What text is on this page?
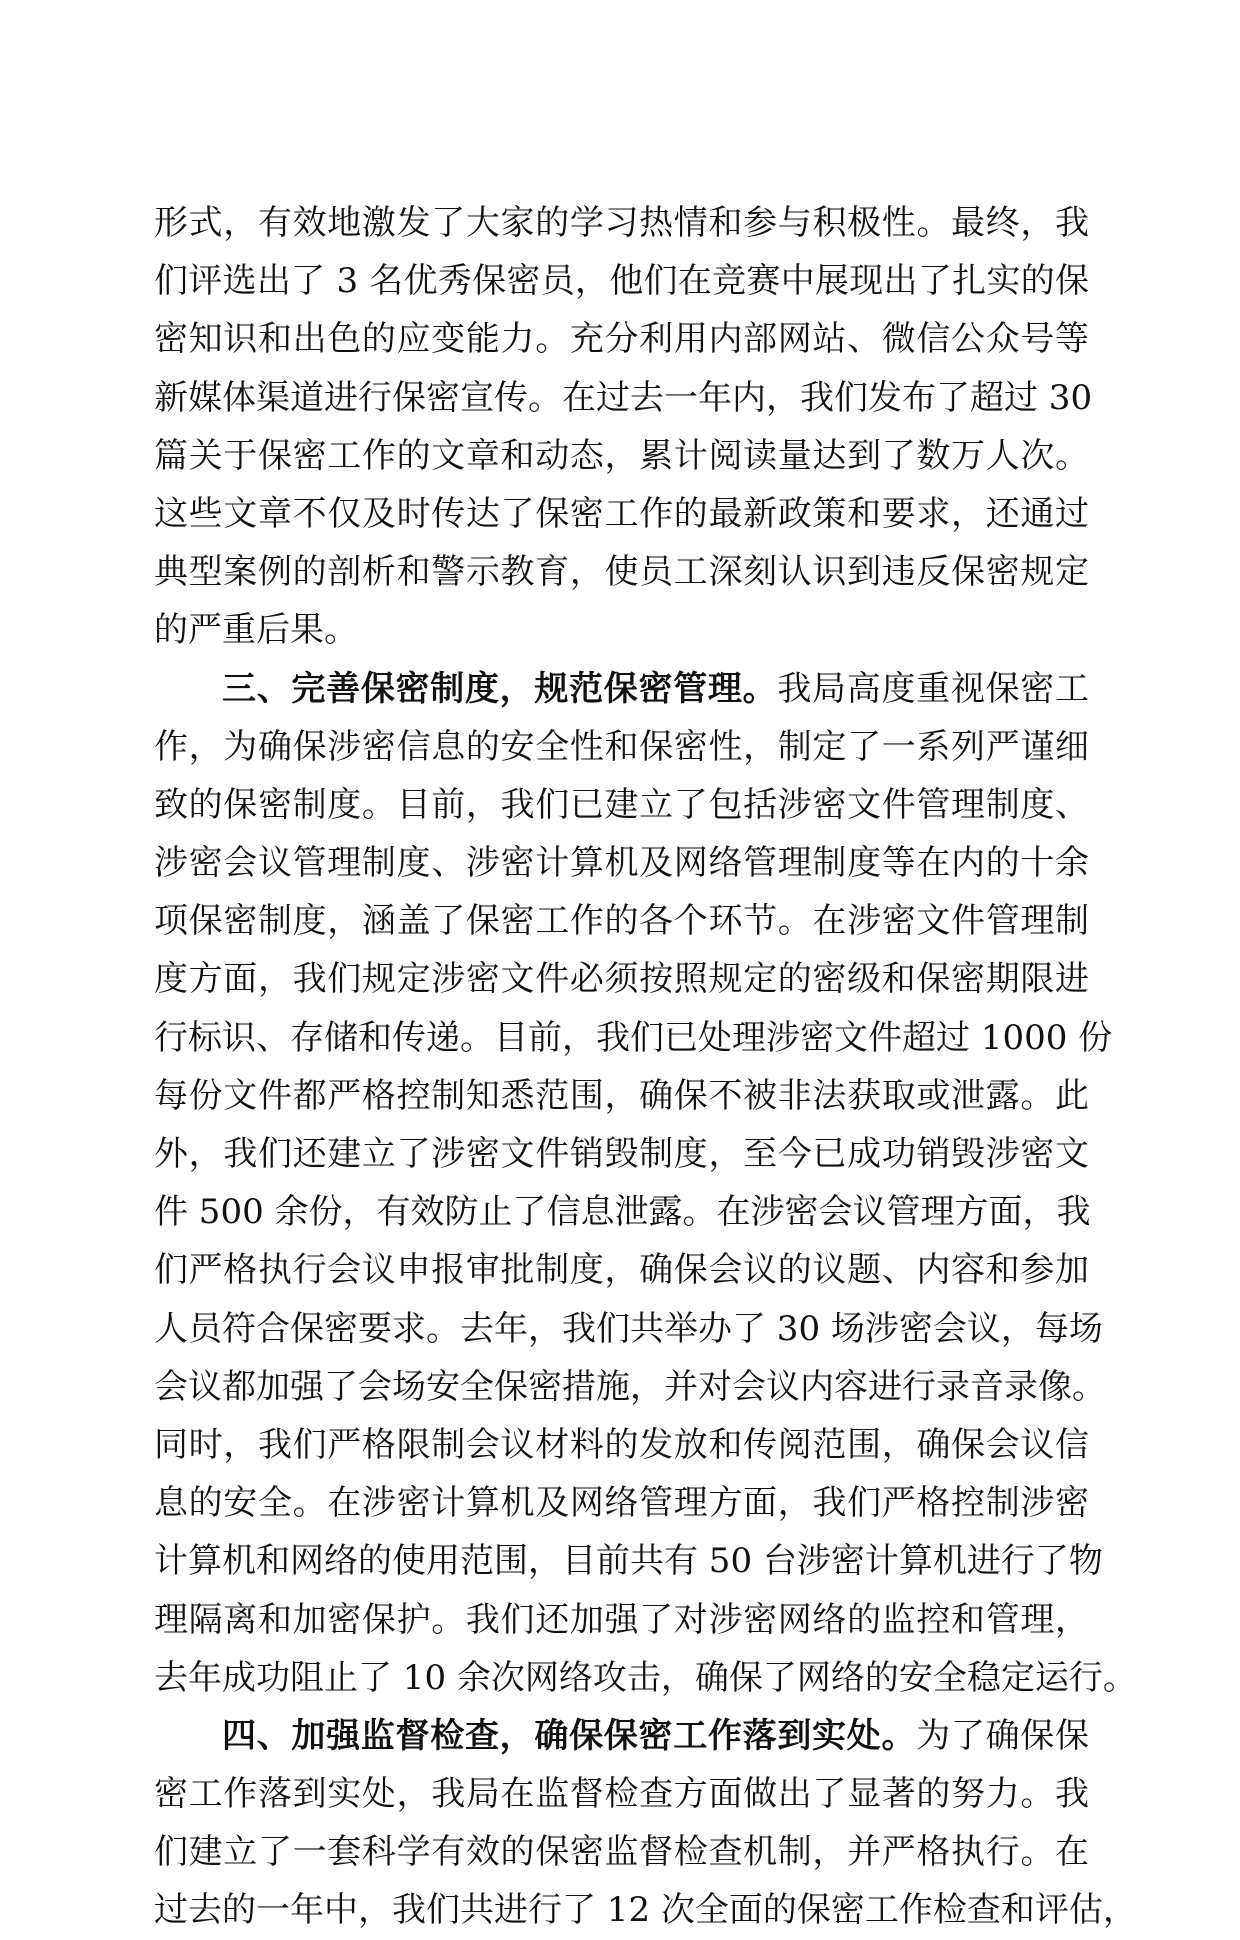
形式，有效地激发了大家的学习热情和参与积极性。最终，我
们评选出了 3 名优秀保密员，他们在竞赛中展现出了扎实的保
密知识和出色的应变能力。充分利用内部网站、微信公众号等
新媒体渠道进行保密宣传。在过去一年内，我们发布了超过 30
篇关于保密工作的文章和动态，累计阅读量达到了数万人次。
这些文章不仅及时传达了保密工作的最新政策和要求，还通过
典型案例的剖析和警示教育，使员工深刻认识到违反保密规定
的严重后果。
三、完善保密制度，规范保密管理。我局高度重视保密工
作，为确保涉密信息的安全性和保密性，制定了一系列严谨细
致的保密制度。目前，我们已建立了包括涉密文件管理制度、
涉密会议管理制度、涉密计算机及网络管理制度等在内的十余
项保密制度，涵盖了保密工作的各个环节。在涉密文件管理制
度方面，我们规定涉密文件必须按照规定的密级和保密期限进
行标识、存储和传递。目前，我们已处理涉密文件超过 1000 份
每份文件都严格控制知悉范围，确保不被非法获取或泄露。此
外，我们还建立了涉密文件销毁制度，至今已成功销毁涉密文
件 500 余份，有效防止了信息泄露。在涉密会议管理方面，我
们严格执行会议申报审批制度，确保会议的议题、内容和参加
人员符合保密要求。去年，我们共举办了 30 场涉密会议，每场
会议都加强了会场安全保密措施，并对会议内容进行录音录像。
同时，我们严格限制会议材料的发放和传阅范围，确保会议信
息的安全。在涉密计算机及网络管理方面，我们严格控制涉密
计算机和网络的使用范围，目前共有 50 台涉密计算机进行了物
理隔离和加密保护。我们还加强了对涉密网络的监控和管理，
去年成功阻止了 10 余次网络攻击，确保了网络的安全稳定运行。
四、加强监督检查，确保保密工作落到实处。为了确保保
密工作落到实处，我局在监督检查方面做出了显著的努力。我
们建立了一套科学有效的保密监督检查机制，并严格执行。在
过去的一年中，我们共进行了 12 次全面的保密工作检查和评估，
